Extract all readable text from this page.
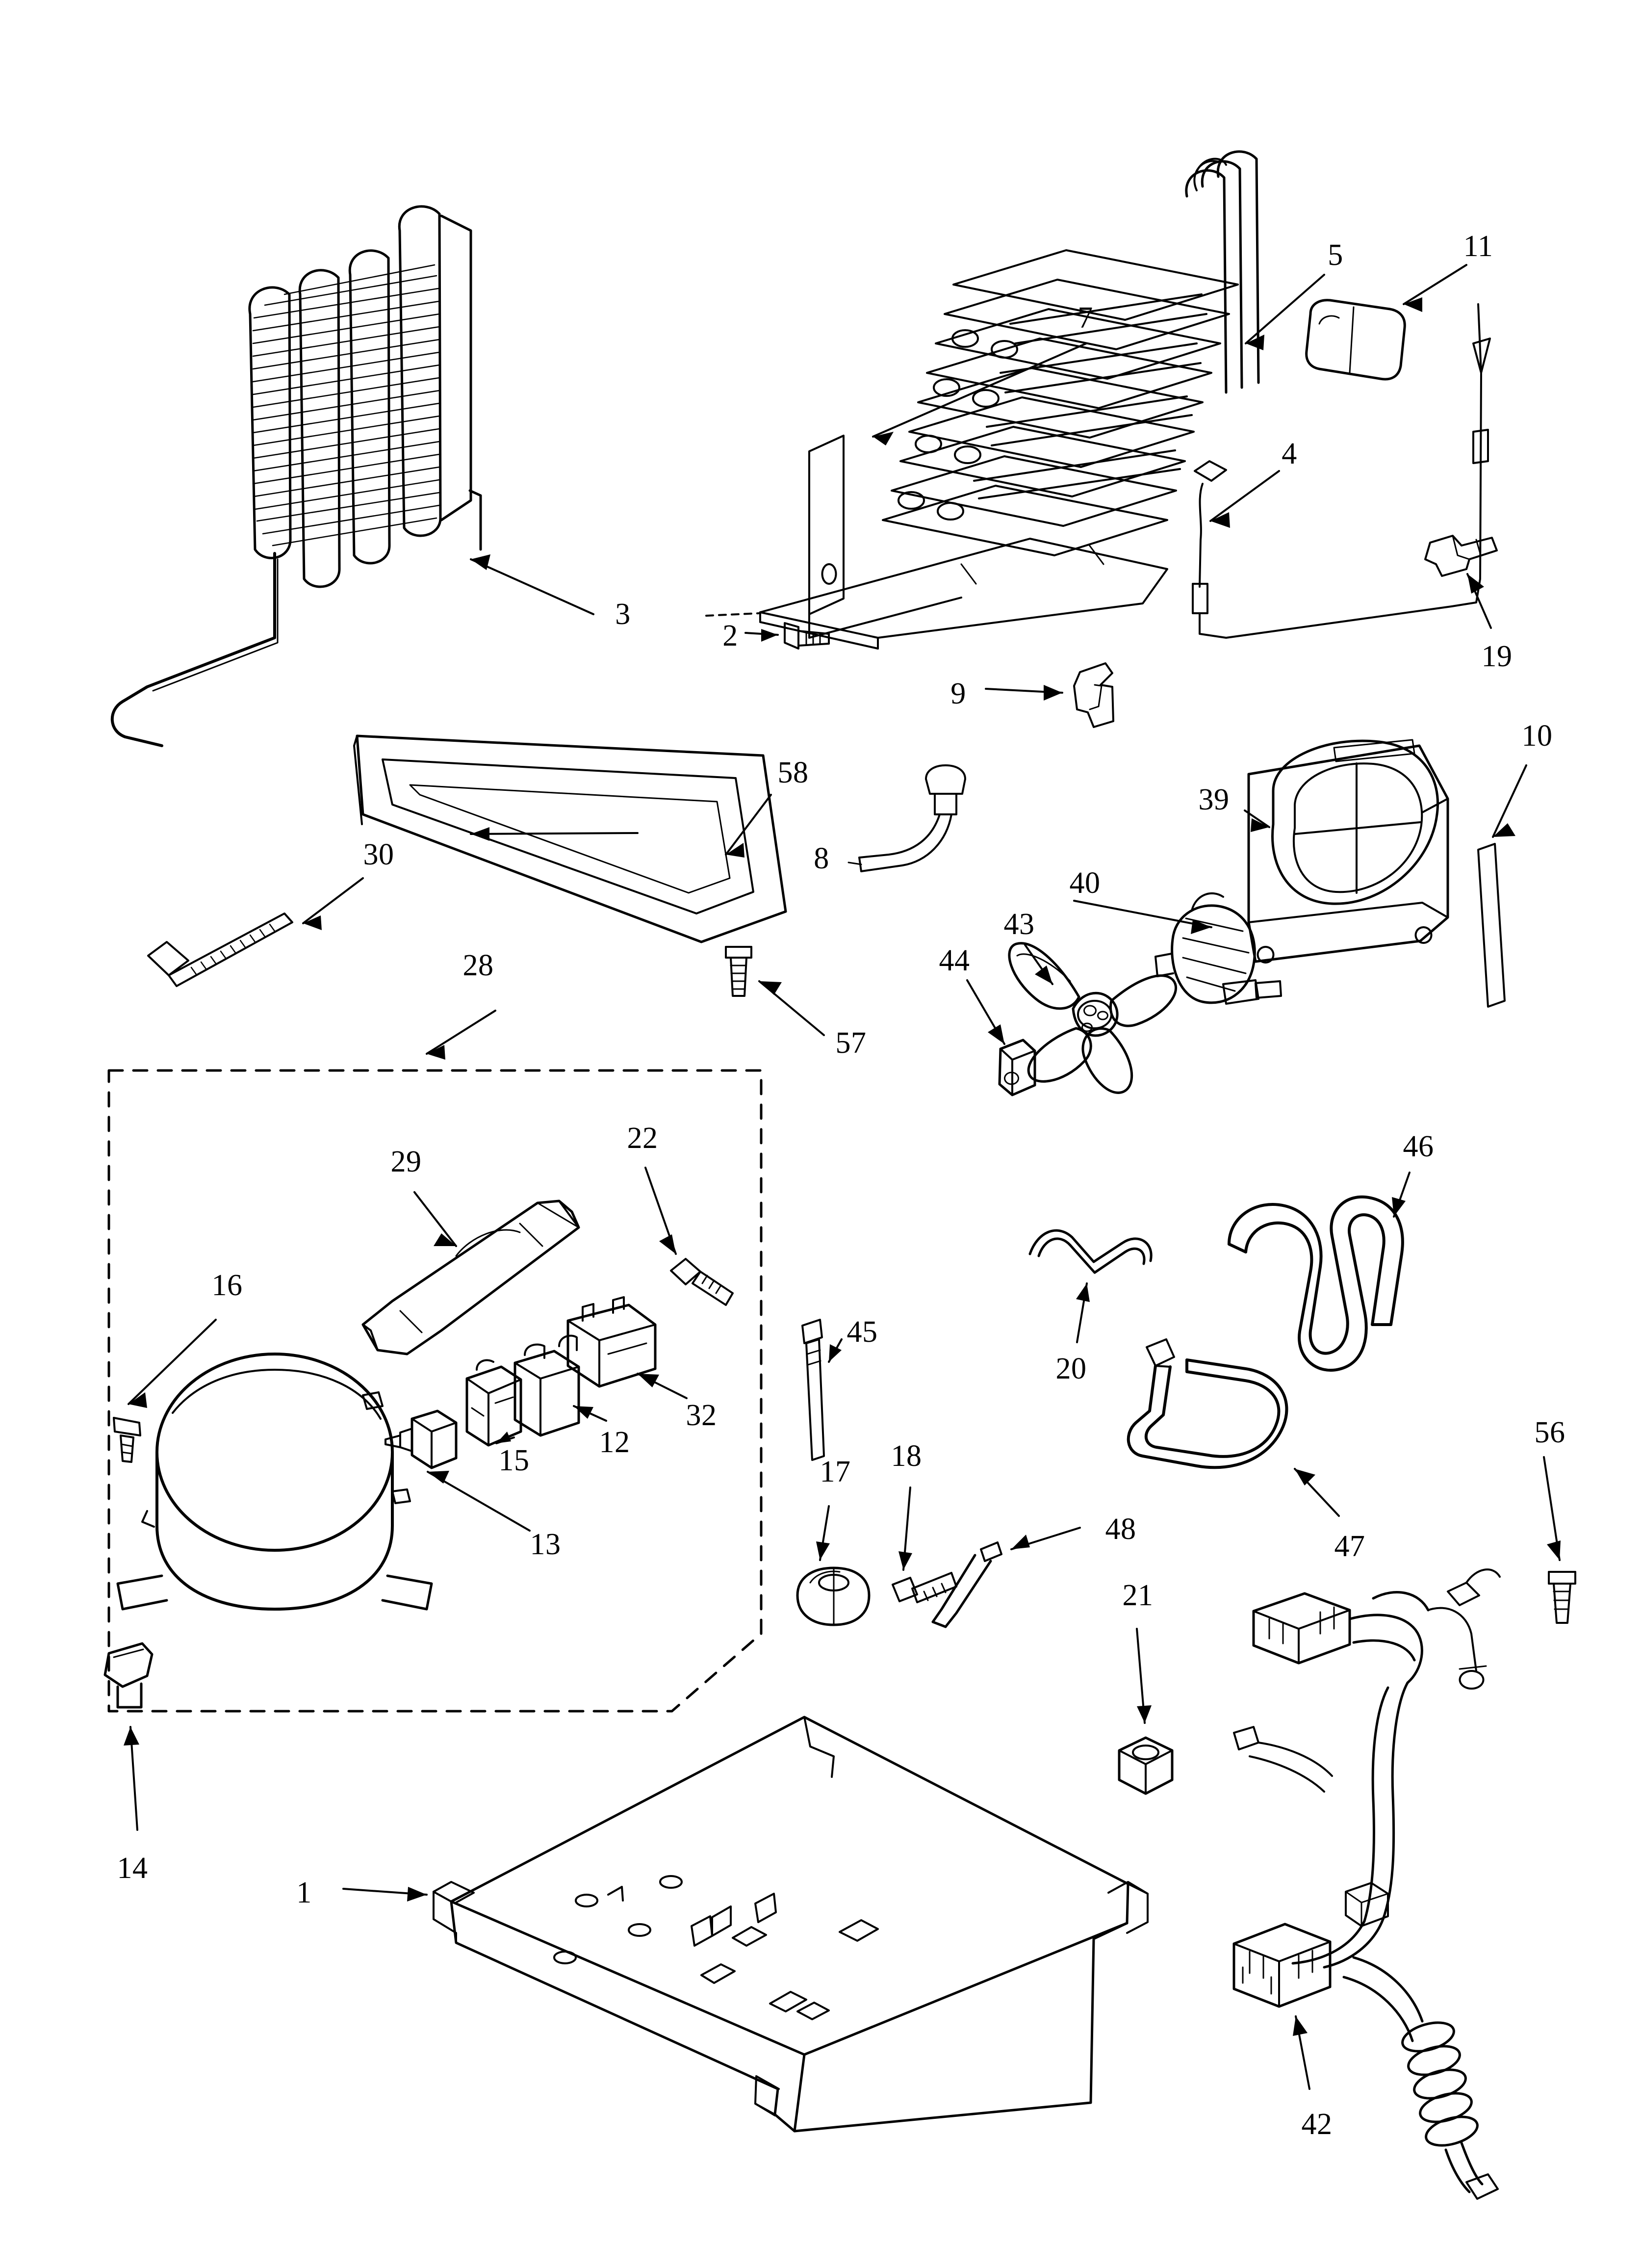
3
7
5	11
4
19
2
9
58
8
39
10
30
28
57
40
43
44
29
22
16
32
12
15
13
45
17 18
48
20
46
47
56
21
14
1
42
